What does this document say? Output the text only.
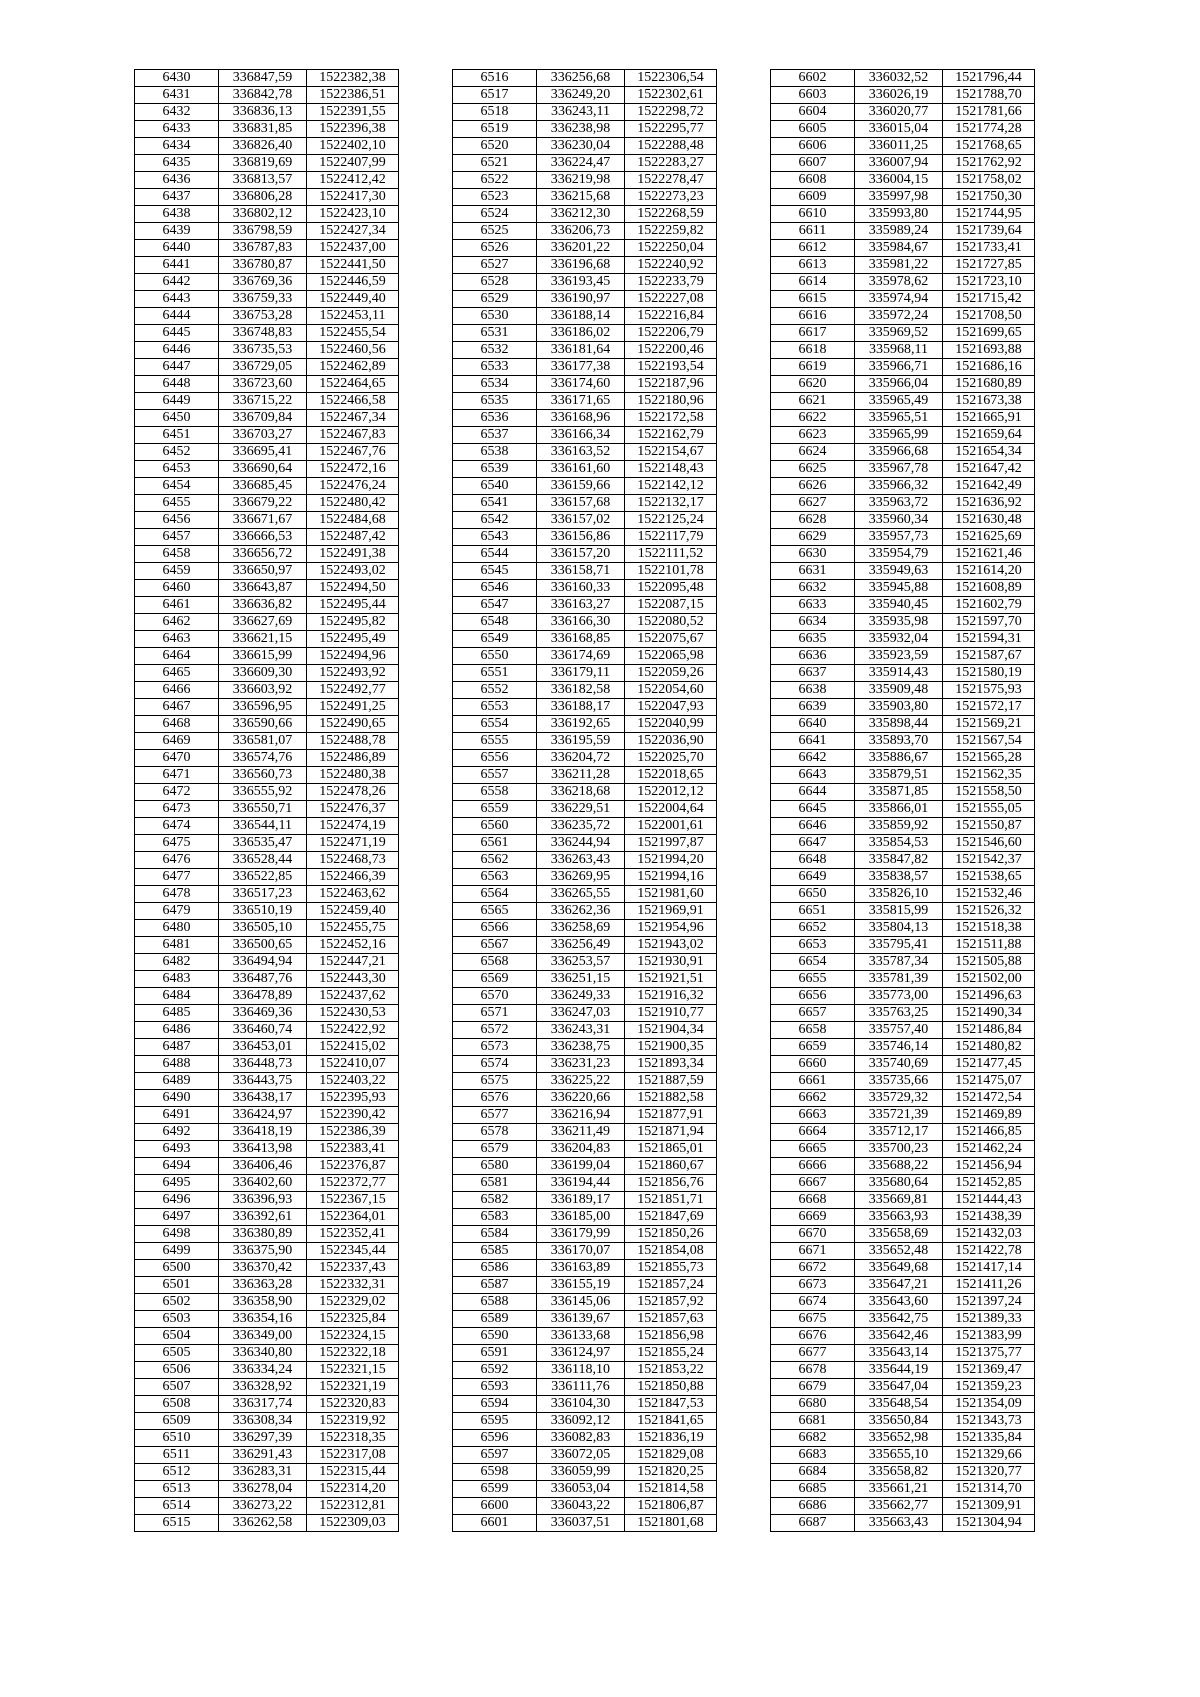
6430	336847,59	1522382,38
6431	336842,78	1522386,51
6432	336836,13	1522391,55
6433	336831,85	1522396,38
6434	336826,40	1522402,10
6435	336819,69	1522407,99
6436	336813,57	1522412,42
6437	336806,28	1522417,30
6438	336802,12	1522423,10
6439	336798,59	1522427,34
6440	336787,83	1522437,00
6441	336780,87	1522441,50
6442	336769,36	1522446,59
6443	336759,33	1522449,40
6444	336753,28	1522453,11
6445	336748,83	1522455,54
6446	336735,53	1522460,56
6447	336729,05	1522462,89
6448	336723,60	1522464,65
6449	336715,22	1522466,58
6450	336709,84	1522467,34
6451	336703,27	1522467,83
6452	336695,41	1522467,76
6453	336690,64	1522472,16
6454	336685,45	1522476,24
6455	336679,22	1522480,42
6456	336671,67	1522484,68
6457	336666,53	1522487,42
6458	336656,72	1522491,38
6459	336650,97	1522493,02
6460	336643,87	1522494,50
6461	336636,82	1522495,44
6462	336627,69	1522495,82
6463	336621,15	1522495,49
6464	336615,99	1522494,96
6465	336609,30	1522493,92
6466	336603,92	1522492,77
6467	336596,95	1522491,25
6468	336590,66	1522490,65
6469	336581,07	1522488,78
6470	336574,76	1522486,89
6471	336560,73	1522480,38
6472	336555,92	1522478,26
6473	336550,71	1522476,37
6474	336544,11	1522474,19
6475	336535,47	1522471,19
6476	336528,44	1522468,73
6477	336522,85	1522466,39
6478	336517,23	1522463,62
6479	336510,19	1522459,40
6480	336505,10	1522455,75
6481	336500,65	1522452,16
6482	336494,94	1522447,21
6483	336487,76	1522443,30
6484	336478,89	1522437,62
6485	336469,36	1522430,53
6486	336460,74	1522422,92
6487	336453,01	1522415,02
6488	336448,73	1522410,07
6489	336443,75	1522403,22
6490	336438,17	1522395,93
6491	336424,97	1522390,42
6492	336418,19	1522386,39
6493	336413,98	1522383,41
6494	336406,46	1522376,87
6495	336402,60	1522372,77
6496	336396,93	1522367,15
6497	336392,61	1522364,01
6498	336380,89	1522352,41
6499	336375,90	1522345,44
6500	336370,42	1522337,43
6501	336363,28	1522332,31
6502	336358,90	1522329,02
6503	336354,16	1522325,84
6504	336349,00	1522324,15
6505	336340,80	1522322,18
6506	336334,24	1522321,15
6507	336328,92	1522321,19
6508	336317,74	1522320,83
6509	336308,34	1522319,92
6510	336297,39	1522318,35
6511	336291,43	1522317,08
6512	336283,31	1522315,44
6513	336278,04	1522314,20
6514	336273,22	1522312,81
6515	336262,58	1522309,03
6516	336256,68	1522306,54
6517	336249,20	1522302,61
6518	336243,11	1522298,72
6519	336238,98	1522295,77
6520	336230,04	1522288,48
6521	336224,47	1522283,27
6522	336219,98	1522278,47
6523	336215,68	1522273,23
6524	336212,30	1522268,59
6525	336206,73	1522259,82
6526	336201,22	1522250,04
6527	336196,68	1522240,92
6528	336193,45	1522233,79
6529	336190,97	1522227,08
6530	336188,14	1522216,84
6531	336186,02	1522206,79
6532	336181,64	1522200,46
6533	336177,38	1522193,54
6534	336174,60	1522187,96
6535	336171,65	1522180,96
6536	336168,96	1522172,58
6537	336166,34	1522162,79
6538	336163,52	1522154,67
6539	336161,60	1522148,43
6540	336159,66	1522142,12
6541	336157,68	1522132,17
6542	336157,02	1522125,24
6543	336156,86	1522117,79
6544	336157,20	1522111,52
6545	336158,71	1522101,78
6546	336160,33	1522095,48
6547	336163,27	1522087,15
6548	336166,30	1522080,52
6549	336168,85	1522075,67
6550	336174,69	1522065,98
6551	336179,11	1522059,26
6552	336182,58	1522054,60
6553	336188,17	1522047,93
6554	336192,65	1522040,99
6555	336195,59	1522036,90
6556	336204,72	1522025,70
6557	336211,28	1522018,65
6558	336218,68	1522012,12
6559	336229,51	1522004,64
6560	336235,72	1522001,61
6561	336244,94	1521997,87
6562	336263,43	1521994,20
6563	336269,95	1521994,16
6564	336265,55	1521981,60
6565	336262,36	1521969,91
6566	336258,69	1521954,96
6567	336256,49	1521943,02
6568	336253,57	1521930,91
6569	336251,15	1521921,51
6570	336249,33	1521916,32
6571	336247,03	1521910,77
6572	336243,31	1521904,34
6573	336238,75	1521900,35
6574	336231,23	1521893,34
6575	336225,22	1521887,59
6576	336220,66	1521882,58
6577	336216,94	1521877,91
6578	336211,49	1521871,94
6579	336204,83	1521865,01
6580	336199,04	1521860,67
6581	336194,44	1521856,76
6582	336189,17	1521851,71
6583	336185,00	1521847,69
6584	336179,99	1521850,26
6585	336170,07	1521854,08
6586	336163,89	1521855,73
6587	336155,19	1521857,24
6588	336145,06	1521857,92
6589	336139,67	1521857,63
6590	336133,68	1521856,98
6591	336124,97	1521855,24
6592	336118,10	1521853,22
6593	336111,76	1521850,88
6594	336104,30	1521847,53
6595	336092,12	1521841,65
6596	336082,83	1521836,19
6597	336072,05	1521829,08
6598	336059,99	1521820,25
6599	336053,04	1521814,58
6600	336043,22	1521806,87
6601	336037,51	1521801,68
6602	336032,52	1521796,44
6603	336026,19	1521788,70
6604	336020,77	1521781,66
6605	336015,04	1521774,28
6606	336011,25	1521768,65
6607	336007,94	1521762,92
6608	336004,15	1521758,02
6609	335997,98	1521750,30
6610	335993,80	1521744,95
6611	335989,24	1521739,64
6612	335984,67	1521733,41
6613	335981,22	1521727,85
6614	335978,62	1521723,10
6615	335974,94	1521715,42
6616	335972,24	1521708,50
6617	335969,52	1521699,65
6618	335968,11	1521693,88
6619	335966,71	1521686,16
6620	335966,04	1521680,89
6621	335965,49	1521673,38
6622	335965,51	1521665,91
6623	335965,99	1521659,64
6624	335966,68	1521654,34
6625	335967,78	1521647,42
6626	335966,32	1521642,49
6627	335963,72	1521636,92
6628	335960,34	1521630,48
6629	335957,73	1521625,69
6630	335954,79	1521621,46
6631	335949,63	1521614,20
6632	335945,88	1521608,89
6633	335940,45	1521602,79
6634	335935,98	1521597,70
6635	335932,04	1521594,31
6636	335923,59	1521587,67
6637	335914,43	1521580,19
6638	335909,48	1521575,93
6639	335903,80	1521572,17
6640	335898,44	1521569,21
6641	335893,70	1521567,54
6642	335886,67	1521565,28
6643	335879,51	1521562,35
6644	335871,85	1521558,50
6645	335866,01	1521555,05
6646	335859,92	1521550,87
6647	335854,53	1521546,60
6648	335847,82	1521542,37
6649	335838,57	1521538,65
6650	335826,10	1521532,46
6651	335815,99	1521526,32
6652	335804,13	1521518,38
6653	335795,41	1521511,88
6654	335787,34	1521505,88
6655	335781,39	1521502,00
6656	335773,00	1521496,63
6657	335763,25	1521490,34
6658	335757,40	1521486,84
6659	335746,14	1521480,82
6660	335740,69	1521477,45
6661	335735,66	1521475,07
6662	335729,32	1521472,54
6663	335721,39	1521469,89
6664	335712,17	1521466,85
6665	335700,23	1521462,24
6666	335688,22	1521456,94
6667	335680,64	1521452,85
6668	335669,81	1521444,43
6669	335663,93	1521438,39
6670	335658,69	1521432,03
6671	335652,48	1521422,78
6672	335649,68	1521417,14
6673	335647,21	1521411,26
6674	335643,60	1521397,24
6675	335642,75	1521389,33
6676	335642,46	1521383,99
6677	335643,14	1521375,77
6678	335644,19	1521369,47
6679	335647,04	1521359,23
6680	335648,54	1521354,09
6681	335650,84	1521343,73
6682	335652,98	1521335,84
6683	335655,10	1521329,66
6684	335658,82	1521320,77
6685	335661,21	1521314,70
6686	335662,77	1521309,91
6687	335663,43	1521304,94
